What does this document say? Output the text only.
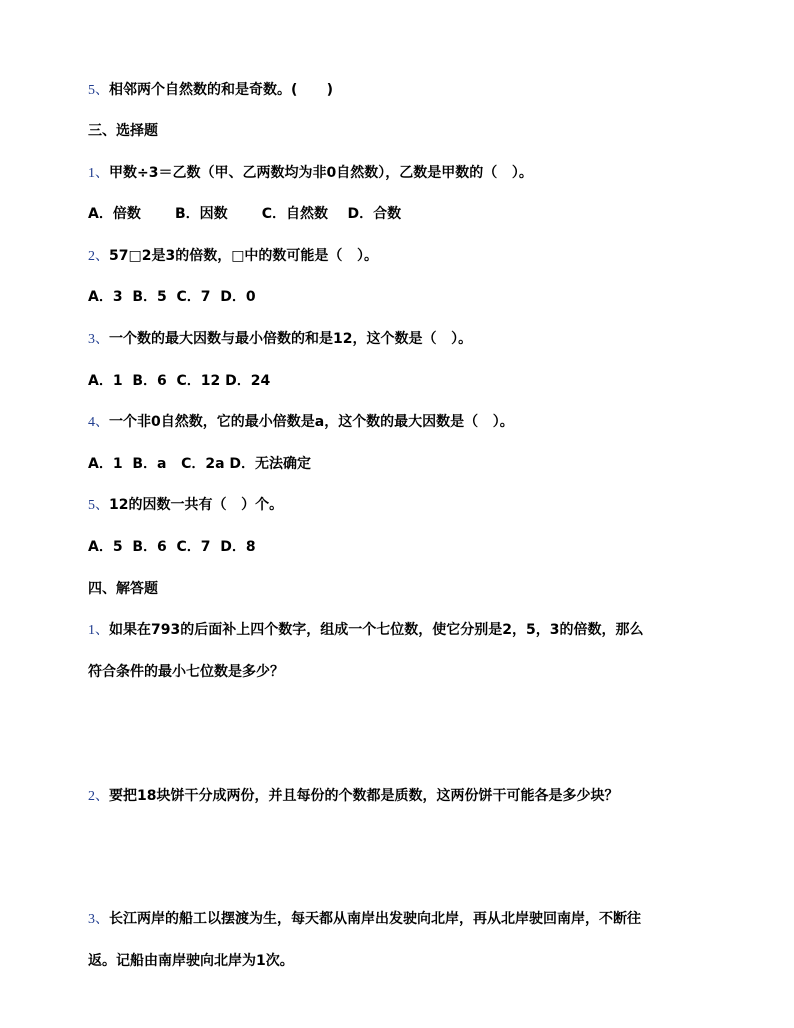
5、相邻两个自然数的和是奇数。(      )
三、选择题
1、甲数÷3＝乙数（甲、乙两数均为非0自然数），乙数是甲数的（   ）。
A．倍数       B．因数       C．自然数    D．合数
2、57□2是3的倍数，□中的数可能是（   ）。
A．3  B．5  C．7  D．0
3、一个数的最大因数与最小倍数的和是12，这个数是（   ）。
A．1  B．6  C．12 D．24
4、一个非0自然数，它的最小倍数是a，这个数的最大因数是（   ）。
A．1  B．a   C．2a D．无法确定
5、12的因数一共有（   ）个。
A．5  B．6  C．7  D．8
四、解答题
1、如果在793的后面补上四个数字，组成一个七位数，使它分别是2，5，3的倍数，那么
符合条件的最小七位数是多少？
2、要把18块饼干分成两份，并且每份的个数都是质数，这两份饼干可能各是多少块？
3、长江两岸的船工以摆渡为生，每天都从南岸出发驶向北岸，再从北岸驶回南岸，不断往
返。记船由南岸驶向北岸为1次。
